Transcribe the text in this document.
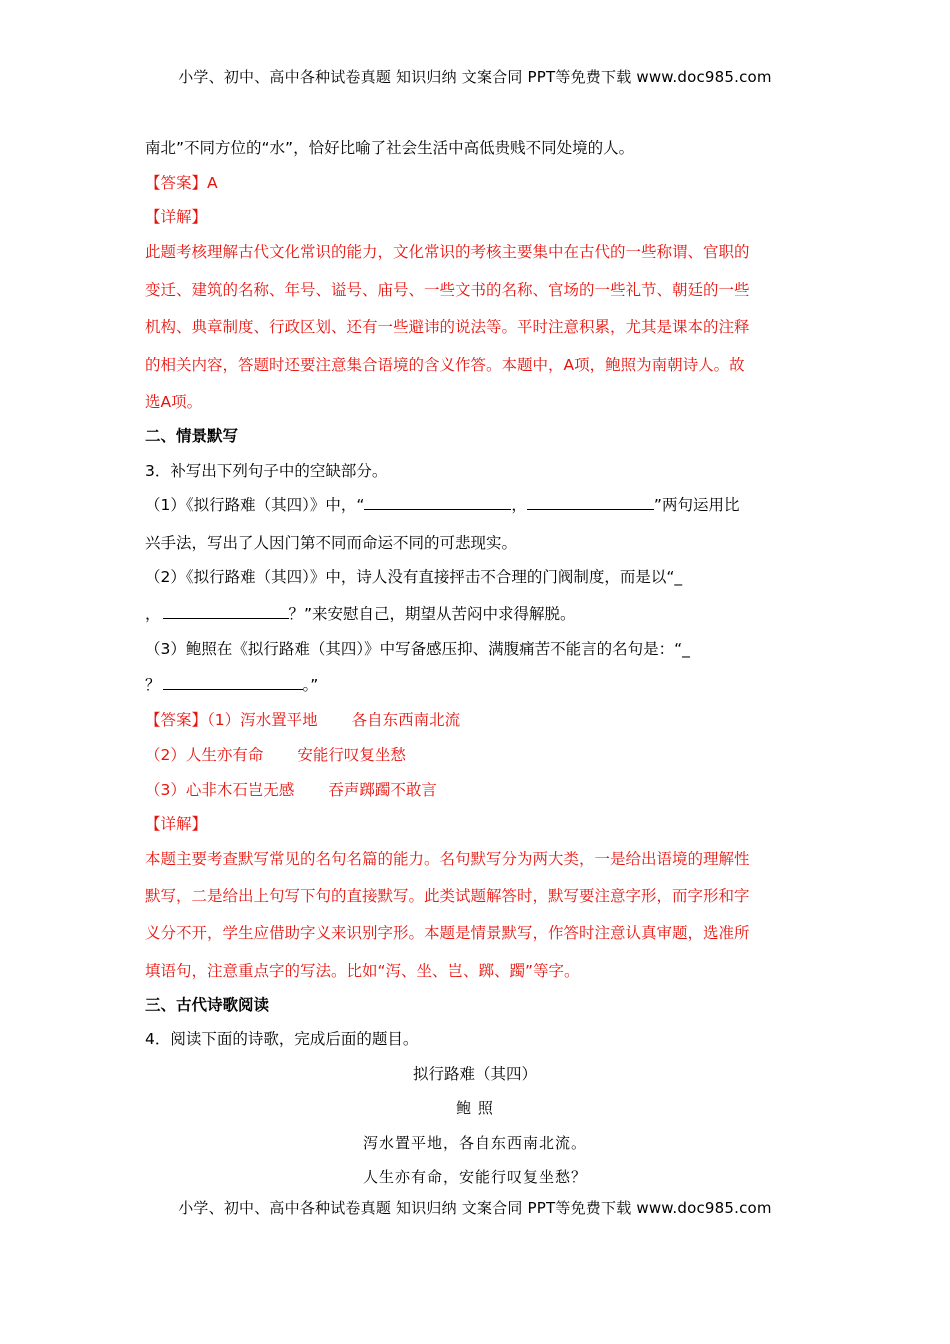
小学、初中、高中各种试卷真题 知识归纳 文案合同 PPT等免费下载 www.doc985.com
南北”不同方位的“水”，恰好比喻了社会生活中高低贵贱不同处境的人。
【答案】A
【详解】
此题考核理解古代文化常识的能力，文化常识的考核主要集中在古代的一些称谓、官职的
变迁、建筑的名称、年号、谥号、庙号、一些文书的名称、官场的一些礼节、朝廷的一些
机构、典章制度、行政区划、还有一些避讳的说法等。平时注意积累，尤其是课本的注释
的相关内容，答题时还要注意集合语境的含义作答。本题中，A项，鲍照为南朝诗人。故
选A项。
二、情景默写
3．补写出下列句子中的空缺部分。
（1）《拟行路难（其四）》中，“	，	”两句运用比
兴手法，写出了人因门第不同而命运不同的可悲现实。
（2）《拟行路难（其四）》中，诗人没有直接抨击不合理的门阀制度，而是以“_
，	？”来安慰自己，期望从苦闷中求得解脱。
（3）鲍照在《拟行路难（其四）》中写备感压抑、满腹痛苦不能言的名句是：“_
？	。”
【答案】（1）泻水置平地 各自东西南北流
（2）人生亦有命 安能行叹复坐愁
（3）心非木石岂无感 吞声踯躅不敢言
【详解】
本题主要考查默写常见的名句名篇的能力。名句默写分为两大类，一是给出语境的理解性
默写，二是给出上句写下句的直接默写。此类试题解答时，默写要注意字形，而字形和字
义分不开，学生应借助字义来识别字形。本题是情景默写，作答时注意认真审题，选准所
填语句，注意重点字的写法。比如“泻、坐、岂、踯、躅”等字。
三、古代诗歌阅读
4．阅读下面的诗歌，完成后面的题目。
拟行路难（其四）
鲍 照
泻水置平地，各自东西南北流。
人生亦有命，安能行叹复坐愁？
小学、初中、高中各种试卷真题 知识归纳 文案合同 PPT等免费下载 www.doc985.com
